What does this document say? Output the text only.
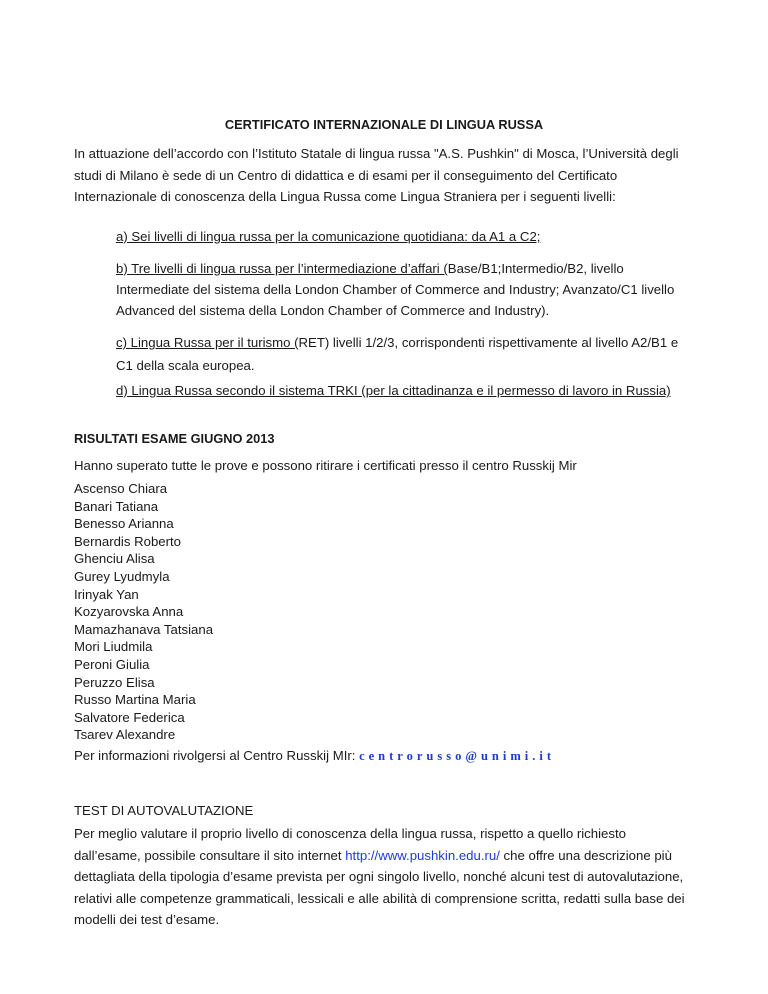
CERTIFICATO INTERNAZIONALE DI LINGUA RUSSA
In attuazione dell’accordo con l’Istituto Statale di lingua russa "A.S. Pushkin" di Mosca, l’Università degli studi di Milano è sede di un Centro di didattica e di esami per il conseguimento del Certificato Internazionale di conoscenza della Lingua Russa come Lingua Straniera per i seguenti livelli:
a) Sei livelli di lingua russa per la comunicazione quotidiana: da A1 a C2;
b) Tre livelli di lingua russa per l’intermediazione d’affari (Base/B1;Intermedio/B2, livello Intermediate del sistema della London Chamber of Commerce and Industry; Avanzato/C1 livello Advanced del sistema della London Chamber of Commerce and Industry).
c) Lingua Russa per il turismo (RET) livelli 1/2/3, corrispondenti rispettivamente al livello A2/B1 e C1 della scala europea.
d) Lingua Russa secondo il sistema TRKI (per la cittadinanza e il permesso di lavoro in Russia)
RISULTATI ESAME GIUGNO 2013
Hanno superato tutte le prove e possono ritirare i certificati presso il centro Russkij Mir
Ascenso Chiara
Banari Tatiana
Benesso Arianna
Bernardis Roberto
Ghenciu Alisa
Gurey Lyudmyla
Irinyak Yan
Kozyarovska Anna
Mamazhanava Tatsiana
Mori Liudmila
Peroni Giulia
Peruzzo Elisa
Russo Martina Maria
Salvatore Federica
Tsarev Alexandre
Per informazioni rivolgersi al Centro Russkij MIr: centrorusso@unimi.it
TEST DI AUTOVALUTAZIONE
Per meglio valutare il proprio livello di conoscenza della lingua russa, rispetto a quello richiesto dall’esame, possibile consultare il sito internet http://www.pushkin.edu.ru/ che offre una descrizione più dettagliata della tipologia d’esame prevista per ogni singolo livello, nonché alcuni test di autovalutazione, relativi alle competenze grammaticali, lessicali e alle abilità di comprensione scritta, redatti sulla base dei modelli dei test d’esame.
